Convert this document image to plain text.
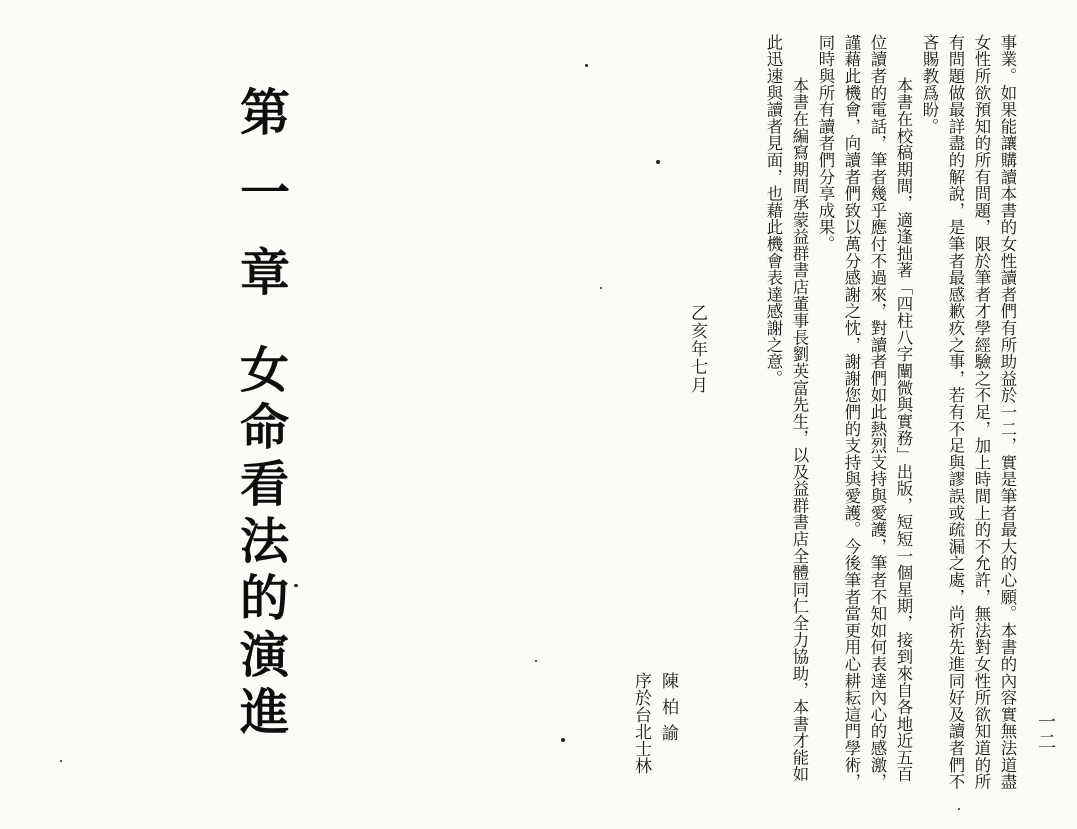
一二

事業。如果能讓購讀本書的女性讀者們有所助益於一二，實是筆者最大的心願。本書的內容實無法道盡女性所欲預知的所有問題，限於筆者才學經驗之不足，加上時間上的不允許，無法對女性所欲知道的所有問題做最詳盡的解說，是筆者最感歉疚之事，若有不足與謬誤或疏漏之處，尚祈先進同好及讀者們不吝賜教爲盼。

本書在校稿期間，適逢拙著「四柱八字闡微與實務」出版，短短一個星期，接到來自各地近五百位讀者的電話，筆者幾乎應付不過來，對讀者們如此熱烈支持與愛護，筆者不知如何表達內心的感激，謹藉此機會，向讀者們致以萬分感謝之忱，謝謝您們的支持與愛護。今後筆者當更用心耕耘這門學術，同時與所有讀者們分享成果。

本書在編寫期間承蒙益群書店董事長劉英富先生，以及益群書店全體同仁全力協助，本書才能如此迅速與讀者見面，也藉此機會表達感謝之意。

乙亥年七月
陳柏諭
序於台北士林
第一章
女命看法的演進
